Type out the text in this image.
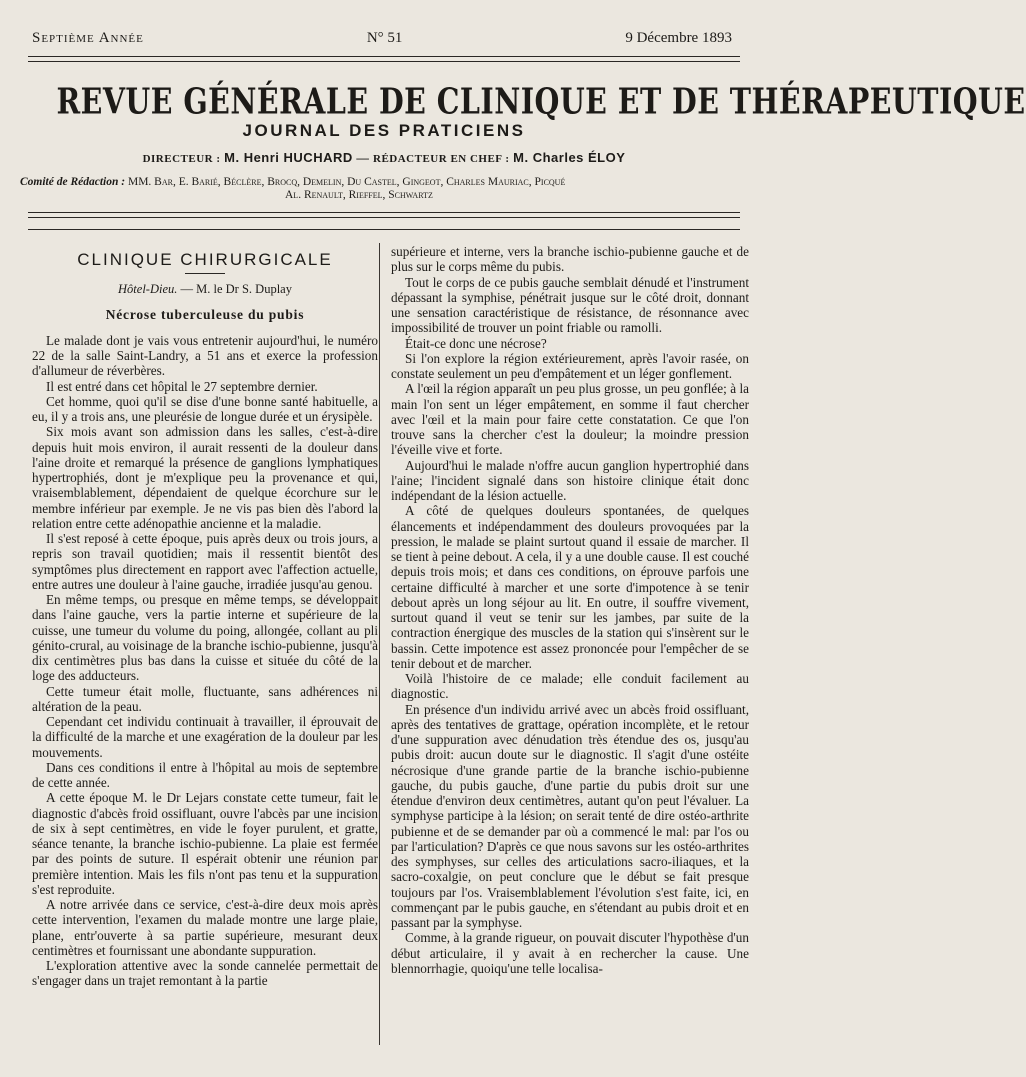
Septième Année	N° 51	9 Décembre 1893
REVUE GÉNÉRALE DE CLINIQUE ET DE THÉRAPEUTIQUE
JOURNAL DES PRATICIENS
DIRECTEUR : M. Henri HUCHARD — RÉDACTEUR EN CHEF : M. Charles ÉLOY
Comité de Rédaction : MM. Bar, E. Barié, Béclère, Brocq, Demelin, Du Castel, Gingeot, Charles Mauriac, Picqué
Al. Renault, Rieffel, Schwartz
CLINIQUE CHIRURGICALE
Hôtel-Dieu. — M. le Dr S. Duplay
Nécrose tuberculeuse du pubis

Le malade dont je vais vous entretenir aujourd'hui, le numéro 22 de la salle Saint-Landry, a 51 ans et exerce la profession d'allumeur de réverbères.

Il est entré dans cet hôpital le 27 septembre dernier.

Cet homme, quoi qu'il se dise d'une bonne santé habituelle, a eu, il y a trois ans, une pleurésie de longue durée et un érysipèle.

Six mois avant son admission dans les salles, c'est-à-dire depuis huit mois environ, il aurait ressenti de la douleur dans l'aine droite et remarqué la présence de ganglions lymphatiques hypertrophiés, dont je m'explique peu la provenance et qui, vraisemblablement, dépendaient de quelque écorchure sur le membre inférieur par exemple. Je ne vis pas bien dès l'abord la relation entre cette adénopathie ancienne et la maladie.

Il s'est reposé à cette époque, puis après deux ou trois jours, a repris son travail quotidien; mais il ressentit bientôt des symptômes plus directement en rapport avec l'affection actuelle, entre autres une douleur à l'aine gauche, irradiée jusqu'au genou.

En même temps, ou presque en même temps, se développait dans l'aine gauche, vers la partie interne et supérieure de la cuisse, une tumeur du volume du poing, allongée, collant au pli génito-crural, au voisinage de la branche ischio-pubienne, jusqu'à dix centimètres plus bas dans la cuisse et située du côté de la loge des adducteurs.

Cette tumeur était molle, fluctuante, sans adhérences ni altération de la peau.

Cependant cet individu continuait à travailler, il éprouvait de la difficulté de la marche et une exagération de la douleur par les mouvements.

Dans ces conditions il entre à l'hôpital au mois de septembre de cette année.

A cette époque M. le Dr Lejars constate cette tumeur, fait le diagnostic d'abcès froid ossifluant, ouvre l'abcès par une incision de six à sept centimètres, en vide le foyer purulent, et gratte, séance tenante, la branche ischio-pubienne. La plaie est fermée par des points de suture. Il espérait obtenir une réunion par première intention. Mais les fils n'ont pas tenu et la suppuration s'est reproduite.

A notre arrivée dans ce service, c'est-à-dire deux mois après cette intervention, l'examen du malade montre une large plaie, plane, entr'ouverte à sa partie supérieure, mesurant deux centimètres et fournissant une abondante suppuration.

L'exploration attentive avec la sonde cannelée permettait de s'engager dans un trajet remontant à la partie

supérieure et interne, vers la branche ischio-pubienne gauche et de plus sur le corps même du pubis.

Tout le corps de ce pubis gauche semblait dénudé et l'instrument dépassant la symphise, pénétrait jusque sur le côté droit, donnant une sensation caractéristique de résistance, de résonnance avec impossibilité de trouver un point friable ou ramolli.

Était-ce donc une nécrose?

Si l'on explore la région extérieurement, après l'avoir rasée, on constate seulement un peu d'empâtement et un léger gonflement.

A l'œil la région apparaît un peu plus grosse, un peu gonflée; à la main l'on sent un léger empâtement, en somme il faut chercher avec l'œil et la main pour faire cette constatation. Ce que l'on trouve sans la chercher c'est la douleur; la moindre pression l'éveille vive et forte.

Aujourd'hui le malade n'offre aucun ganglion hypertrophié dans l'aine; l'incident signalé dans son histoire clinique était donc indépendant de la lésion actuelle.

A côté de quelques douleurs spontanées, de quelques élancements et indépendamment des douleurs provoquées par la pression, le malade se plaint surtout quand il essaie de marcher. Il se tient à peine debout. A cela, il y a une double cause. Il est couché depuis trois mois; et dans ces conditions, on éprouve parfois une certaine difficulté à marcher et une sorte d'impotence à se tenir debout après un long séjour au lit. En outre, il souffre vivement, surtout quand il veut se tenir sur les jambes, par suite de la contraction énergique des muscles de la station qui s'insèrent sur le bassin. Cette impotence est assez prononcée pour l'empêcher de se tenir debout et de marcher.

Voilà l'histoire de ce malade; elle conduit facilement au diagnostic.

En présence d'un individu arrivé avec un abcès froid ossifluant, après des tentatives de grattage, opération incomplète, et le retour d'une suppuration avec dénudation très étendue des os, jusqu'au pubis droit: aucun doute sur le diagnostic. Il s'agit d'une ostéite nécrosique d'une grande partie de la branche ischio-pubienne gauche, du pubis gauche, d'une partie du pubis droit sur une étendue d'environ deux centimètres, autant qu'on peut l'évaluer. La symphyse participe à la lésion; on serait tenté de dire ostéo-arthrite pubienne et de se demander par où a commencé le mal: par l'os ou par l'articulation? D'après ce que nous savons sur les ostéo-arthrites des symphyses, sur celles des articulations sacro-iliaques, et la sacro-coxalgie, on peut conclure que le début se fait presque toujours par l'os. Vraisemblablement l'évolution s'est faite, ici, en commençant par le pubis gauche, en s'étendant au pubis droit et en passant par la symphyse.

Comme, à la grande rigueur, on pouvait discuter l'hypothèse d'un début articulaire, il y avait à en rechercher la cause. Une blennorrhagie, quoiqu'une telle localisa-
